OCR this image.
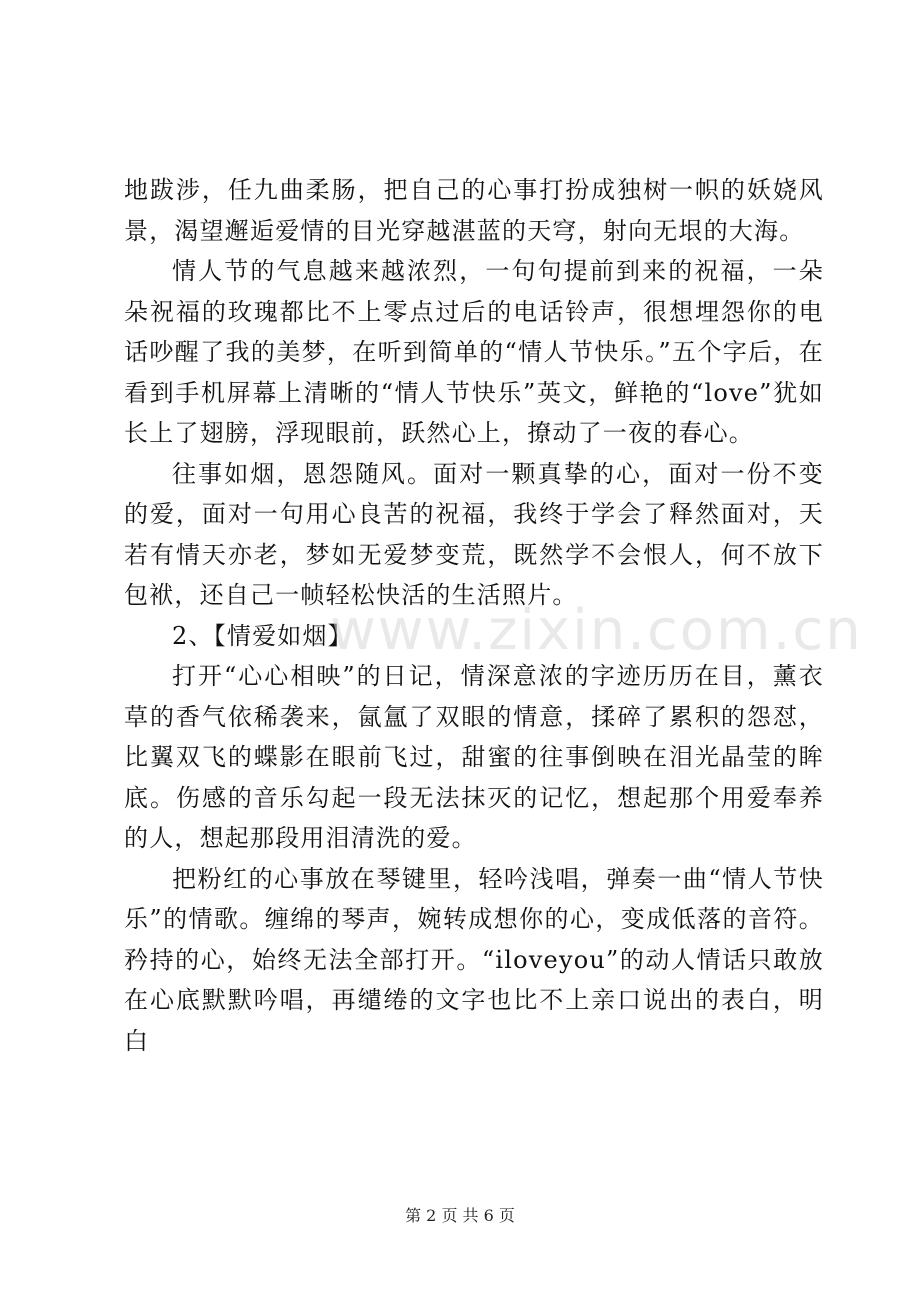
地跋涉，任九曲柔肠，把自己的心事打扮成独树一帜的妖娆风景，渴望邂逅爱情的目光穿越湛蓝的天穹，射向无垠的大海。

情人节的气息越来越浓烈，一句句提前到来的祝福，一朵朵祝福的玫瑰都比不上零点过后的电话铃声，很想埋怨你的电话吵醒了我的美梦，在听到简单的“情人节快乐。”五个字后，在看到手机屏幕上清晰的“情人节快乐”英文，鲜艳的“love”犹如长上了翅膀，浮现眼前，跃然心上，撩动了一夜的春心。

往事如烟，恩怨随风。面对一颗真挚的心，面对一份不变的爱，面对一句用心良苦的祝福，我终于学会了释然面对，天若有情天亦老，梦如无爱梦变荒，既然学不会恨人，何不放下包袱，还自己一帧轻松快活的生活照片。

2、【情爱如烟】

打开“心心相映”的日记，情深意浓的字迹历历在目，薰衣草的香气依稀袭来，氤氲了双眼的情意，揉碎了累积的怨怼，比翼双飞的蝶影在眼前飞过，甜蜜的往事倒映在泪光晶莹的眸底。伤感的音乐勾起一段无法抹灭的记忆，想起那个用爱奉养的人，想起那段用泪清洗的爱。

把粉红的心事放在琴键里，轻吟浅唱，弹奏一曲“情人节快乐”的情歌。缠绵的琴声，婉转成想你的心，变成低落的音符。矜持的心，始终无法全部打开。“iloveyou”的动人情话只敢放在心底默默吟唱，再缱绻的文字也比不上亲口说出的表白，明白

www.zixin.com.cn
第 2 页 共 6 页
